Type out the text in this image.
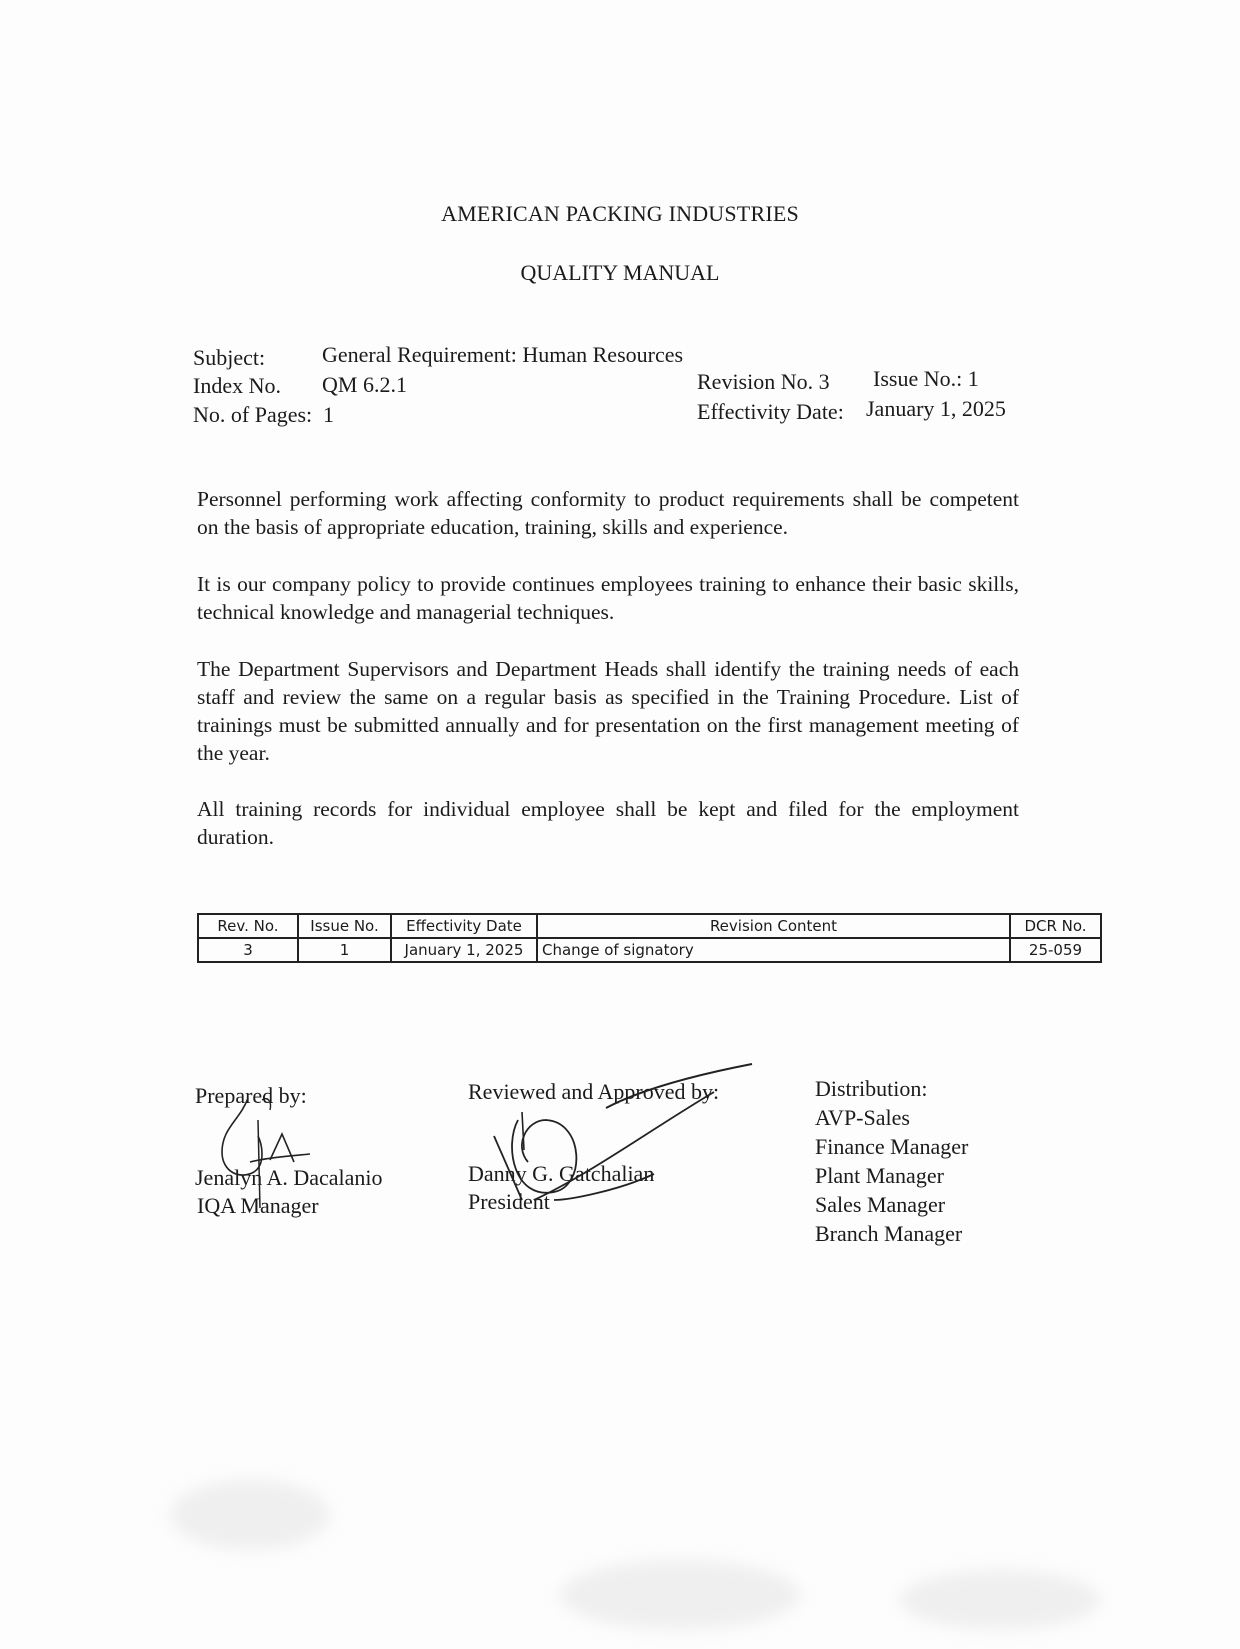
AMERICAN PACKING INDUSTRIES
QUALITY MANUAL
Subject:	General Requirement: Human Resources
Index No. QM 6.2.1
No. of Pages: 1
Revision No. 3 Issue No.: 1
Effectivity Date: January 1, 2025
Personnel performing work affecting conformity to product requirements shall be competent on the basis of appropriate education, training, skills and experience.
It is our company policy to provide continues employees training to enhance their basic skills, technical knowledge and managerial techniques.
The Department Supervisors and Department Heads shall identify the training needs of each staff and review the same on a regular basis as specified in the Training Procedure. List of trainings must be submitted annually and for presentation on the first management meeting of the year.
All training records for individual employee shall be kept and filed for the employment duration.
Rev. No.	Issue No.	Effectivity Date	Revision Content	DCR No.
3	1	January 1, 2025	Change of signatory	25-059
Prepared by:
Jenalyn A. Dacalanio
IQA Manager
Reviewed and Approved by:
Danny G. Gatchalian
President
Distribution:
AVP-Sales
Finance Manager
Plant Manager
Sales Manager
Branch Manager
